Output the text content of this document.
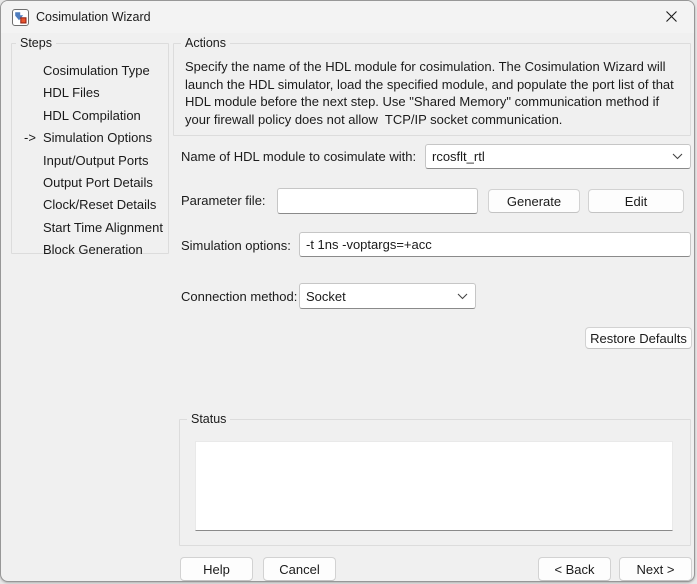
Cosimulation Wizard
Steps
Cosimulation Type
HDL Files
HDL Compilation
-> Simulation Options
Input/Output Ports
Output Port Details
Clock/Reset Details
Start Time Alignment
Block Generation
Actions
Specify the name of the HDL module for cosimulation. The Cosimulation Wizard will launch the HDL simulator, load the specified module, and populate the port list of that HDL module before the next step. Use "Shared Memory" communication method if your firewall policy does not allow  TCP/IP socket communication.
Name of HDL module to cosimulate with: rcosflt_rtl
Parameter file:	Generate	Edit
Simulation options:
-t 1ns -voptargs=+acc
Connection method: Socket
Restore Defaults
Status
Help	Cancel	< Back	Next >
